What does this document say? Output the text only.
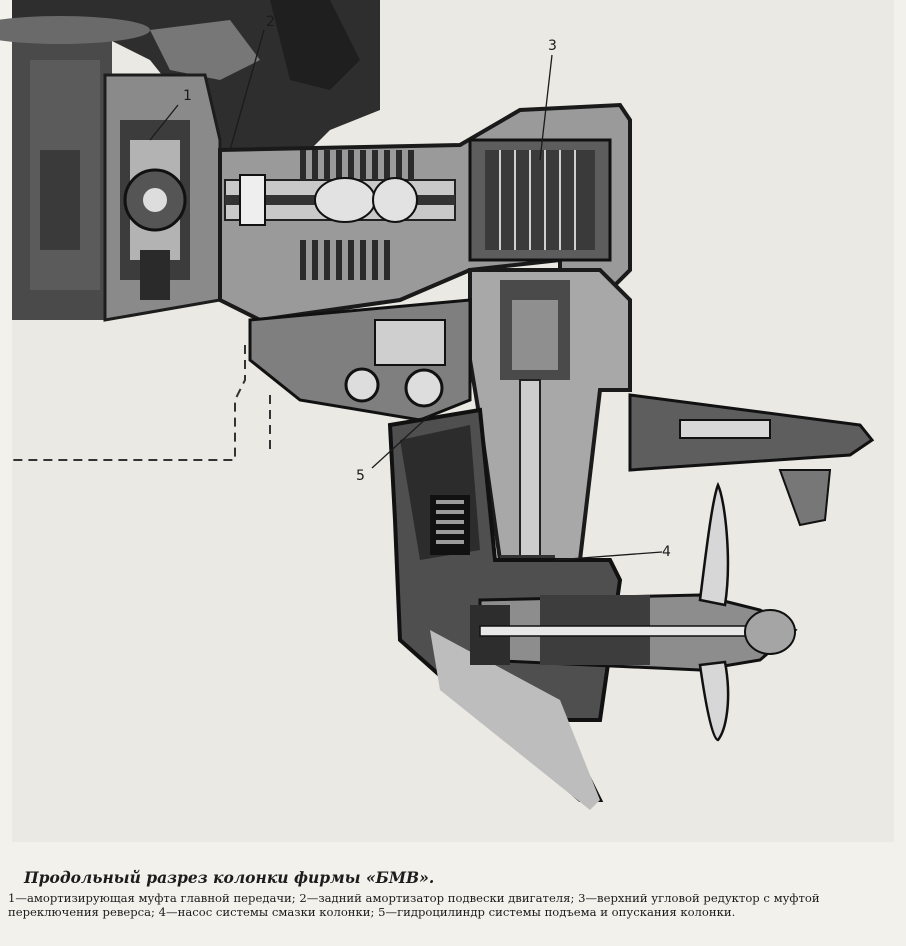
1
2
3
4
5

Продольный разрез колонки фирмы «БМВ».

1—амортизирующая муфта главной передачи; 2—задний амортизатор подвески двигателя; 3—верхний угловой редуктор с муфтой переключения реверса; 4—насос системы смазки колонки; 5—гидроцилиндр системы подъема и опускания колонки.
